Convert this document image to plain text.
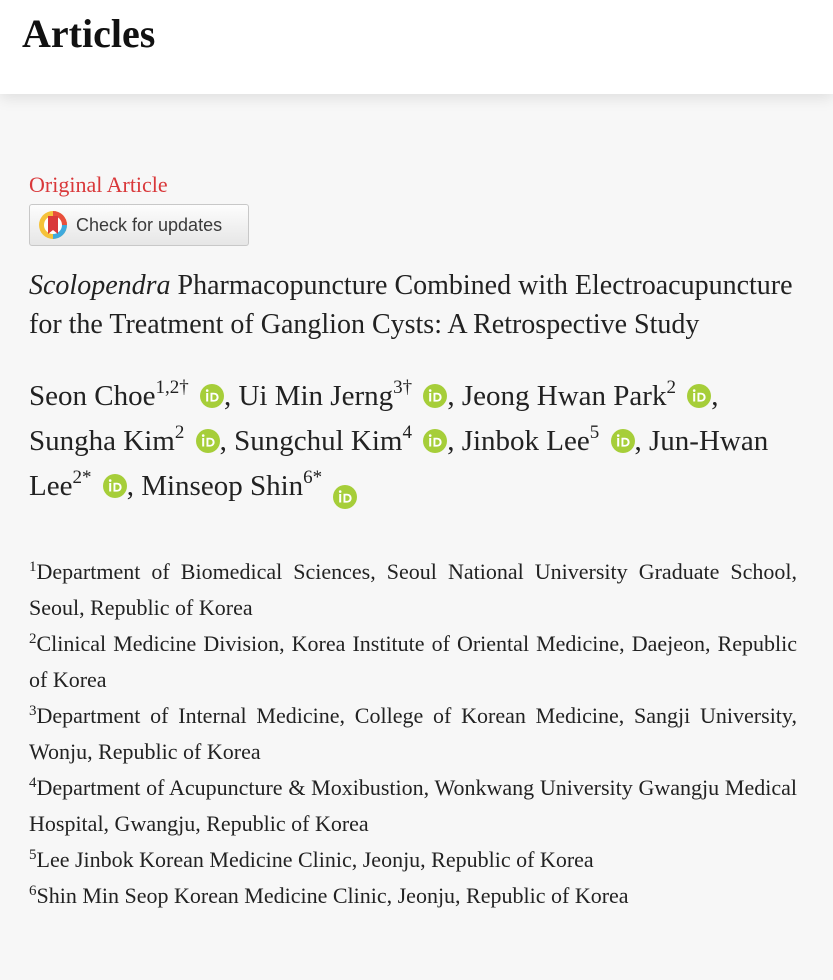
Articles

Original Article

Check for updates
Scolopendra Pharmacopuncture Combined with Electroacupuncture for the Treatment of Ganglion Cysts: A Retrospective Study
Seon Choe$^{1,2\dagger}$ , Ui Min Jerng$^{3\dagger}$ , Jeong Hwan Park$^2$ ,
Sungha Kim$^2$ , Sungchul Kim$^4$ , Jinbok Lee$^5$ , Jun-Hwan Lee$^{2*}$ , Minseop Shin$^{6*}$

$^1$Department of Biomedical Sciences, Seoul National University Graduate School, Seoul, Republic of Korea

$^2$Clinical Medicine Division, Korea Institute of Oriental Medicine, Daejeon, Republic of Korea

$^3$Department of Internal Medicine, College of Korean Medicine, Sangji University, Wonju, Republic of Korea

$^4$Department of Acupuncture & Moxibustion, Wonkwang University Gwangju Medical Hospital, Gwangju, Republic of Korea

$^5$Lee Jinbok Korean Medicine Clinic, Jeonju, Republic of Korea

$^6$Shin Min Seop Korean Medicine Clinic, Jeonju, Republic of Korea
